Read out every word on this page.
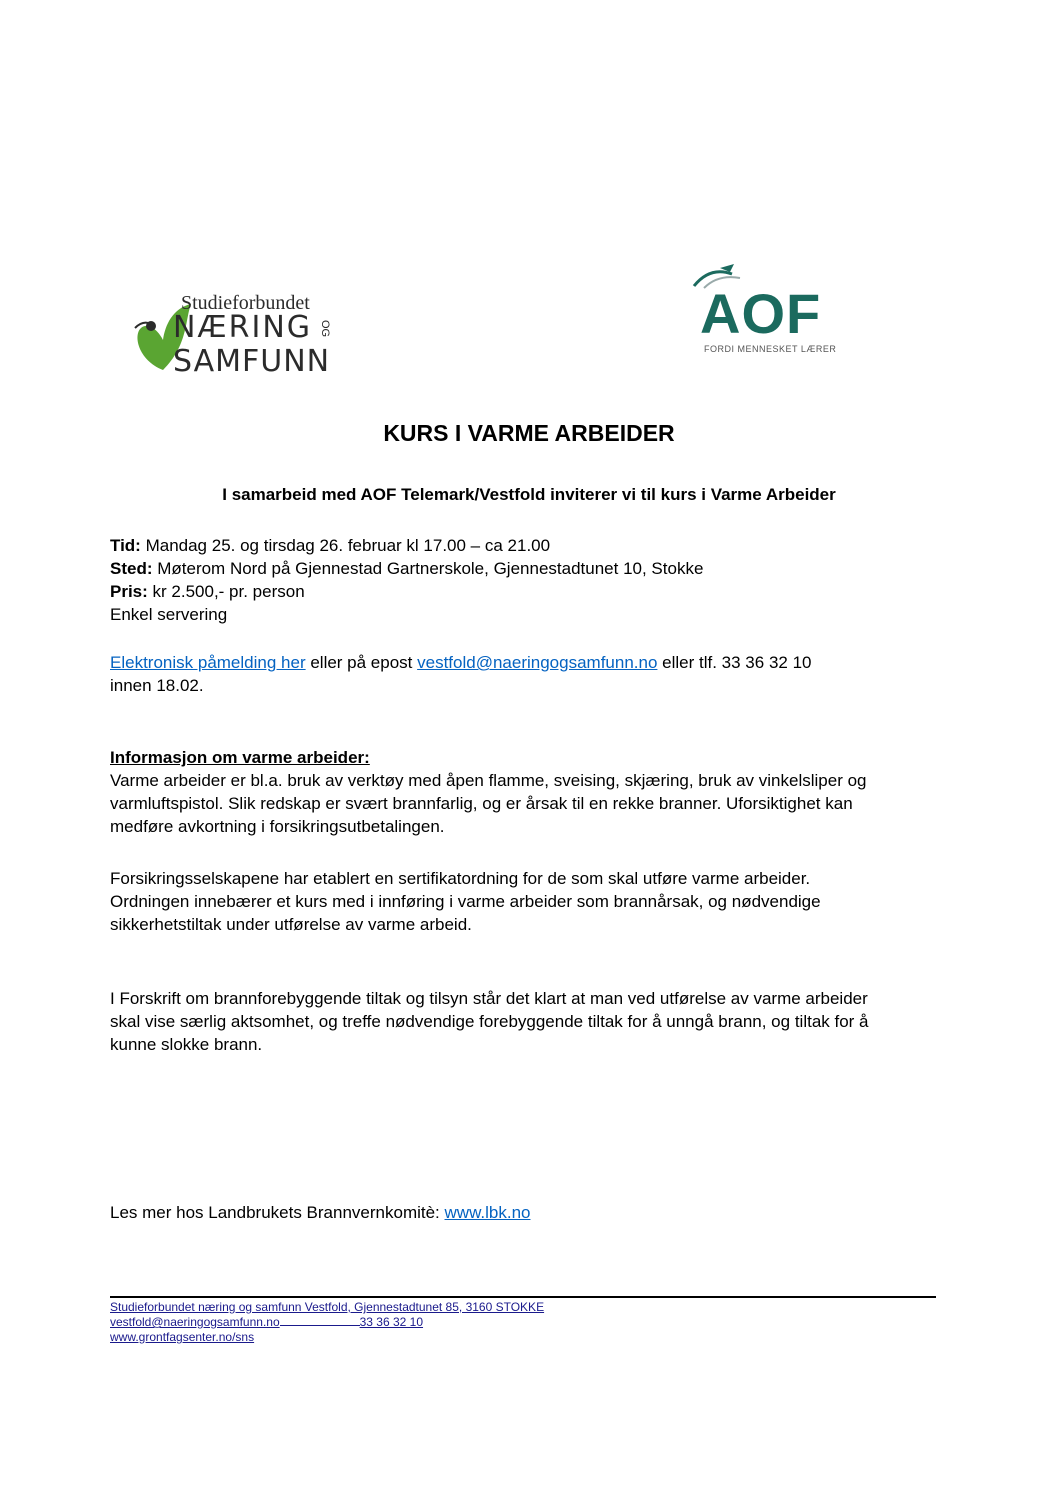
Studieforbundet
NÆRING OG
SAMFUNN
AOF
FORDI MENNESKET LÆRER
KURS I VARME ARBEIDER
I samarbeid med AOF Telemark/Vestfold inviterer vi til kurs i Varme Arbeider
Tid: Mandag 25. og tirsdag 26. februar kl 17.00 – ca 21.00
Sted: Møterom Nord på Gjennestad Gartnerskole, Gjennestadtunet 10, Stokke
Pris: kr 2.500,- pr. person
Enkel servering
Elektronisk påmelding her eller på epost vestfold@naeringogsamfunn.no eller tlf. 33 36 32 10
innen 18.02.
Informasjon om varme arbeider:
Varme arbeider er bl.a. bruk av verktøy med åpen flamme, sveising, skjæring, bruk av vinkelsliper og
varmluftspistol. Slik redskap er svært brannfarlig, og er årsak til en rekke branner. Uforsiktighet kan
medføre avkortning i forsikringsutbetalingen.
Forsikringsselskapene har etablert en sertifikatordning for de som skal utføre varme arbeider.
Ordningen innebærer et kurs med i innføring i varme arbeider som brannårsak, og nødvendige
sikkerhetstiltak under utførelse av varme arbeid.
I Forskrift om brannforebyggende tiltak og tilsyn står det klart at man ved utførelse av varme arbeider
skal vise særlig aktsomhet, og treffe nødvendige forebyggende tiltak for å unngå brann, og tiltak for å
kunne slokke brann.
Les mer hos Landbrukets Brannvernkomitè: www.lbk.no
Studieforbundet næring og samfunn Vestfold, Gjennestadtunet 85, 3160 STOKKE
vestfold@naeringogsamfunn.no	33 36 32 10
www.grontfagsenter.no/sns
